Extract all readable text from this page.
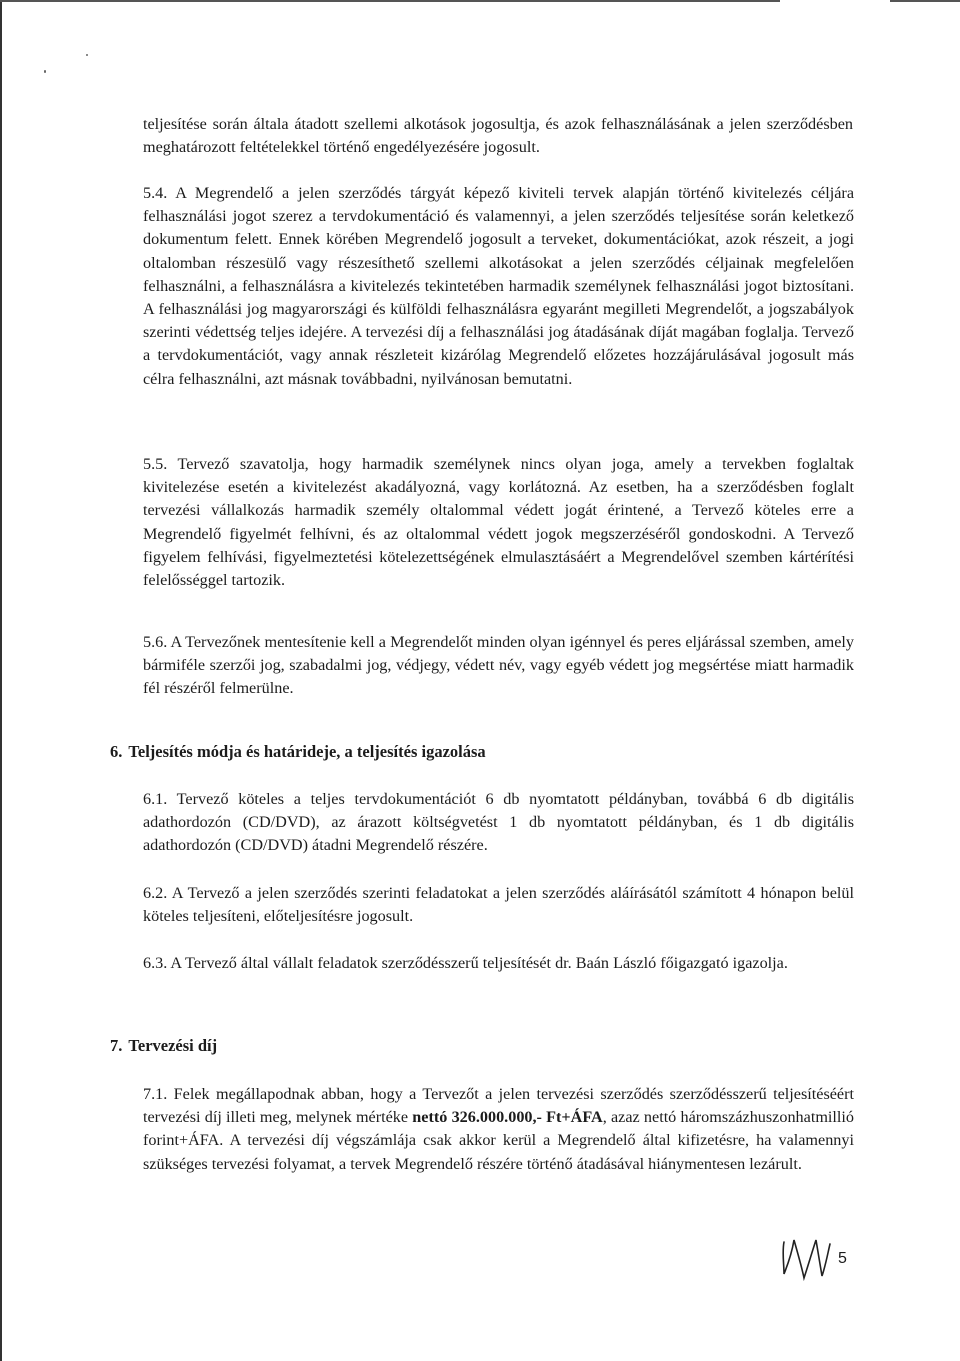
teljesítése során általa átadott szellemi alkotások jogosultja, és azok felhasználásának a jelen szerződésben meghatározott feltételekkel történő engedélyezésére jogosult.

5.4. A Megrendelő a jelen szerződés tárgyát képező kiviteli tervek alapján történő kivitelezés céljára felhasználási jogot szerez a tervdokumentáció és valamennyi, a jelen szerződés teljesítése során keletkező dokumentum felett. Ennek körében Megrendelő jogosult a terveket, dokumentációkat, azok részeit, a jogi oltalomban részesülő vagy részesíthető szellemi alkotásokat a jelen szerződés céljainak megfelelően felhasználni, a felhasználásra a kivitelezés tekintetében harmadik személynek felhasználási jogot biztosítani. A felhasználási jog magyarországi és külföldi felhasználásra egyaránt megilleti Megrendelőt, a jogszabályok szerinti védettség teljes idejére. A tervezési díj a felhasználási jog átadásának díját magában foglalja. Tervező a tervdokumentációt, vagy annak részleteit kizárólag Megrendelő előzetes hozzájárulásával jogosult más célra felhasználni, azt másnak továbbadni, nyilvánosan bemutatni.

5.5. Tervező szavatolja, hogy harmadik személynek nincs olyan joga, amely a tervekben foglaltak kivitelezése esetén a kivitelezést akadályozná, vagy korlátozná. Az esetben, ha a szerződésben foglalt tervezési vállalkozás harmadik személy oltalommal védett jogát érintené, a Tervező köteles erre a Megrendelő figyelmét felhívni, és az oltalommal védett jogok megszerzéséről gondoskodni. A Tervező figyelem felhívási, figyelmeztetési kötelezettségének elmulasztásáért a Megrendelővel szemben kártérítési felelősséggel tartozik.

5.6. A Tervezőnek mentesítenie kell a Megrendelőt minden olyan igénnyel és peres eljárással szemben, amely bármiféle szerzői jog, szabadalmi jog, védjegy, védett név, vagy egyéb védett jog megsértése miatt harmadik fél részéről felmerülne.

6. Teljesítés módja és határideje, a teljesítés igazolása

6.1. Tervező köteles a teljes tervdokumentációt 6 db nyomtatott példányban, továbbá 6 db digitális adathordozón (CD/DVD), az árazott költségvetést 1 db nyomtatott példányban, és 1 db digitális adathordozón (CD/DVD) átadni Megrendelő részére.

6.2. A Tervező a jelen szerződés szerinti feladatokat a jelen szerződés aláírásától számított 4 hónapon belül köteles teljesíteni, előteljesítésre jogosult.

6.3. A Tervező által vállalt feladatok szerződésszerű teljesítését dr. Baán László főigazgató igazolja.

7. Tervezési díj

7.1. Felek megállapodnak abban, hogy a Tervezőt a jelen tervezési szerződés szerződésszerű teljesítéséért tervezési díj illeti meg, melynek mértéke nettó 326.000.000,- Ft+ÁFA, azaz nettó háromszázhuszonhatmillió forint+ÁFA. A tervezési díj végszámlája csak akkor kerül a Megrendelő által kifizetésre, ha valamennyi szükséges tervezési folyamat, a tervek Megrendelő részére történő átadásával hiánymentesen lezárult.

5
